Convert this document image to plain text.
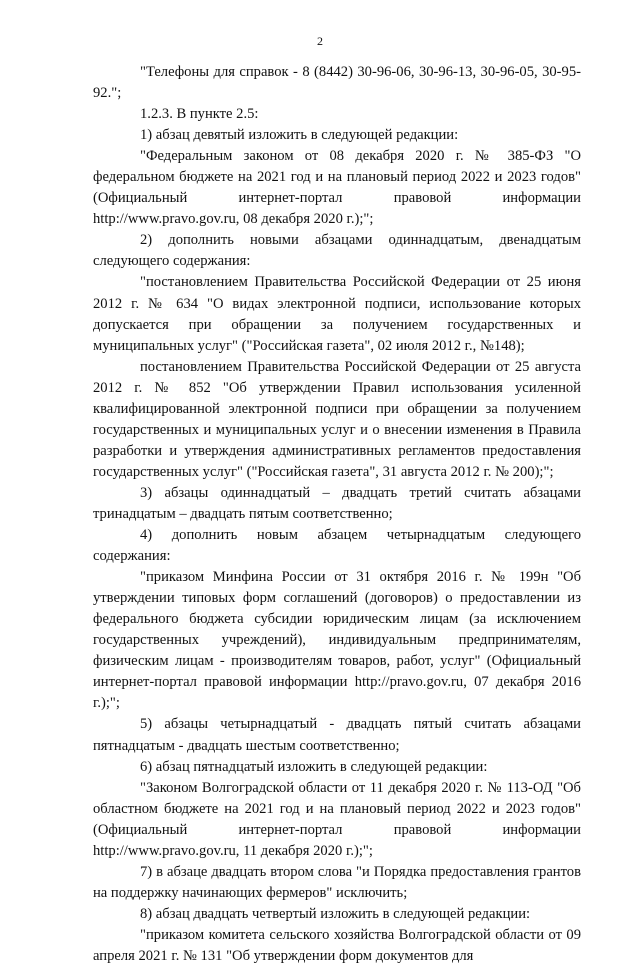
2

"Телефоны для справок - 8 (8442) 30-96-06, 30-96-13, 30-96-05, 30-95-92.";

1.2.3. В пункте 2.5:

1) абзац девятый изложить в следующей редакции:

"Федеральным законом от 08 декабря 2020 г. № 385-ФЗ "О федеральном бюджете на 2021 год и на плановый период 2022 и 2023 годов" (Официальный интернет-портал правовой информации http://www.pravo.gov.ru, 08 декабря 2020 г.);";

2) дополнить новыми абзацами одиннадцатым, двенадцатым следующего содержания:

"постановлением Правительства Российской Федерации от 25 июня 2012 г. № 634 "О видах электронной подписи, использование которых допускается при обращении за получением государственных и муниципальных услуг" ("Российская газета", 02 июля 2012 г., №148);

постановлением Правительства Российской Федерации от 25 августа 2012 г. № 852 "Об утверждении Правил использования усиленной квалифицированной электронной подписи при обращении за получением государственных и муниципальных услуг и о внесении изменения в Правила разработки и утверждения административных регламентов предоставления государственных услуг" ("Российская газета", 31 августа 2012 г. № 200);";

3) абзацы одиннадцатый – двадцать третий считать абзацами тринадцатым – двадцать пятым соответственно;

4) дополнить новым абзацем четырнадцатым следующего содержания:

"приказом Минфина России от 31 октября 2016 г. № 199н "Об утверждении типовых форм соглашений (договоров) о предоставлении из федерального бюджета субсидии юридическим лицам (за исключением государственных учреждений), индивидуальным предпринимателям, физическим лицам - производителям товаров, работ, услуг" (Официальный интернет-портал правовой информации http://pravo.gov.ru, 07 декабря 2016 г.);";

5) абзацы четырнадцатый - двадцать пятый считать абзацами пятнадцатым - двадцать шестым соответственно;

6) абзац пятнадцатый изложить в следующей редакции:

"Законом Волгоградской области от 11 декабря 2020 г. № 113-ОД "Об областном бюджете на 2021 год и на плановый период 2022 и 2023 годов" (Официальный интернет-портал правовой информации http://www.pravo.gov.ru, 11 декабря 2020 г.);";

7) в абзаце двадцать втором слова "и Порядка предоставления грантов на поддержку начинающих фермеров" исключить;

8) абзац двадцать четвертый изложить в следующей редакции:

"приказом комитета сельского хозяйства Волгоградской области от 09 апреля 2021 г. № 131 "Об утверждении форм документов для
